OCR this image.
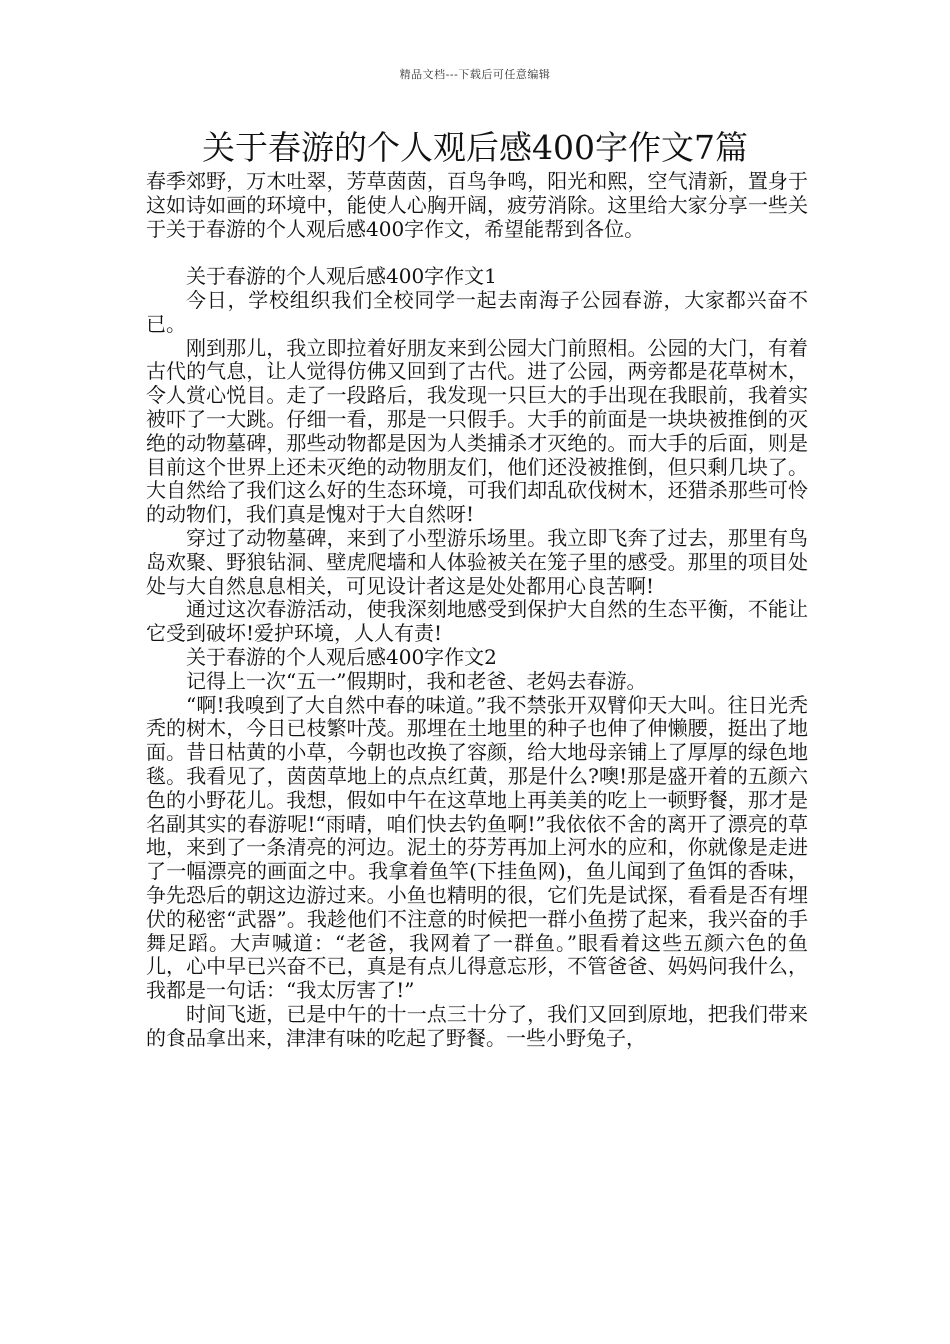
精品文档---下载后可任意编辑
关于春游的个人观后感400字作文7篇

春季郊野，万木吐翠，芳草茵茵，百鸟争鸣，阳光和熙，空气清新，置身于这如诗如画的环境中，能使人心胸开阔，疲劳消除。这里给大家分享一些关于关于春游的个人观后感400字作文，希望能帮到各位。

关于春游的个人观后感400字作文1

今日，学校组织我们全校同学一起去南海子公园春游，大家都兴奋不已。

刚到那儿，我立即拉着好朋友来到公园大门前照相。公园的大门，有着古代的气息，让人觉得仿佛又回到了古代。进了公园，两旁都是花草树木，令人赏心悦目。走了一段路后，我发现一只巨大的手出现在我眼前，我着实被吓了一大跳。仔细一看，那是一只假手。大手的前面是一块块被推倒的灭绝的动物墓碑，那些动物都是因为人类捕杀才灭绝的。而大手的后面，则是目前这个世界上还未灭绝的动物朋友们，他们还没被推倒，但只剩几块了。大自然给了我们这么好的生态环境，可我们却乱砍伐树木，还猎杀那些可怜的动物们，我们真是愧对于大自然呀!

穿过了动物墓碑，来到了小型游乐场里。我立即飞奔了过去，那里有鸟岛欢聚、野狼钻洞、壁虎爬墙和人体验被关在笼子里的感受。那里的项目处处与大自然息息相关，可见设计者这是处处都用心良苦啊!

通过这次春游活动，使我深刻地感受到保护大自然的生态平衡，不能让它受到破坏!爱护环境，人人有责!

关于春游的个人观后感400字作文2

记得上一次“五一”假期时，我和老爸、老妈去春游。

“啊!我嗅到了大自然中春的味道。”我不禁张开双臂仰天大叫。往日光秃秃的树木，今日已枝繁叶茂。那埋在土地里的种子也伸了伸懒腰，挺出了地面。昔日枯黄的小草，今朝也改换了容颜，给大地母亲铺上了厚厚的绿色地毯。我看见了，茵茵草地上的点点红黄，那是什么?噢!那是盛开着的五颜六色的小野花儿。我想，假如中午在这草地上再美美的吃上一顿野餐，那才是名副其实的春游呢!“雨晴，咱们快去钓鱼啊!”我依依不舍的离开了漂亮的草地，来到了一条清亮的河边。泥土的芬芳再加上河水的应和，你就像是走进了一幅漂亮的画面之中。我拿着鱼竿(下挂鱼网)，鱼儿闻到了鱼饵的香味，争先恐后的朝这边游过来。小鱼也精明的很，它们先是试探，看看是否有埋伏的秘密“武器”。我趁他们不注意的时候把一群小鱼捞了起来，我兴奋的手舞足蹈。大声喊道：“老爸，我网着了一群鱼。”眼看着这些五颜六色的鱼儿，心中早已兴奋不已，真是有点儿得意忘形，不管爸爸、妈妈问我什么，我都是一句话：“我太厉害了!”

时间飞逝，已是中午的十一点三十分了，我们又回到原地，把我们带来的食品拿出来，津津有味的吃起了野餐。一些小野兔子，
